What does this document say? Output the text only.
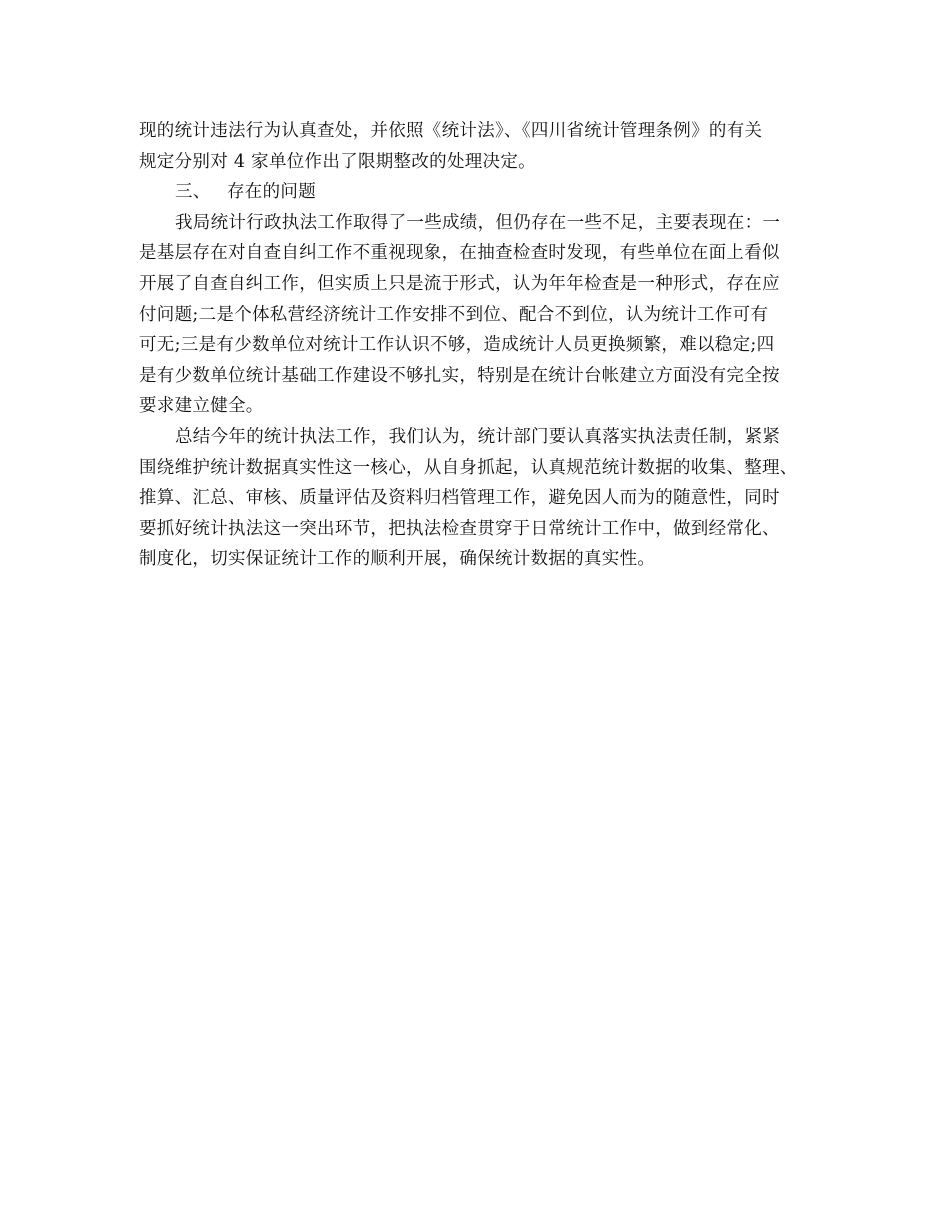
现的统计违法行为认真查处，并依照《统计法》、《四川省统计管理条例》的有关
规定分别对 4 家单位作出了限期整改的处理决定。
三、 存在的问题
我局统计行政执法工作取得了一些成绩，但仍存在一些不足，主要表现在：一
是基层存在对自查自纠工作不重视现象，在抽查检查时发现，有些单位在面上看似
开展了自查自纠工作，但实质上只是流于形式，认为年年检查是一种形式，存在应
付问题;二是个体私营经济统计工作安排不到位、配合不到位，认为统计工作可有
可无;三是有少数单位对统计工作认识不够，造成统计人员更换频繁，难以稳定;四
是有少数单位统计基础工作建设不够扎实，特别是在统计台帐建立方面没有完全按
要求建立健全。
总结今年的统计执法工作，我们认为，统计部门要认真落实执法责任制，紧紧
围绕维护统计数据真实性这一核心，从自身抓起，认真规范统计数据的收集、整理、
推算、汇总、审核、质量评估及资料归档管理工作，避免因人而为的随意性，同时
要抓好统计执法这一突出环节，把执法检查贯穿于日常统计工作中，做到经常化、
制度化，切实保证统计工作的顺利开展，确保统计数据的真实性。
